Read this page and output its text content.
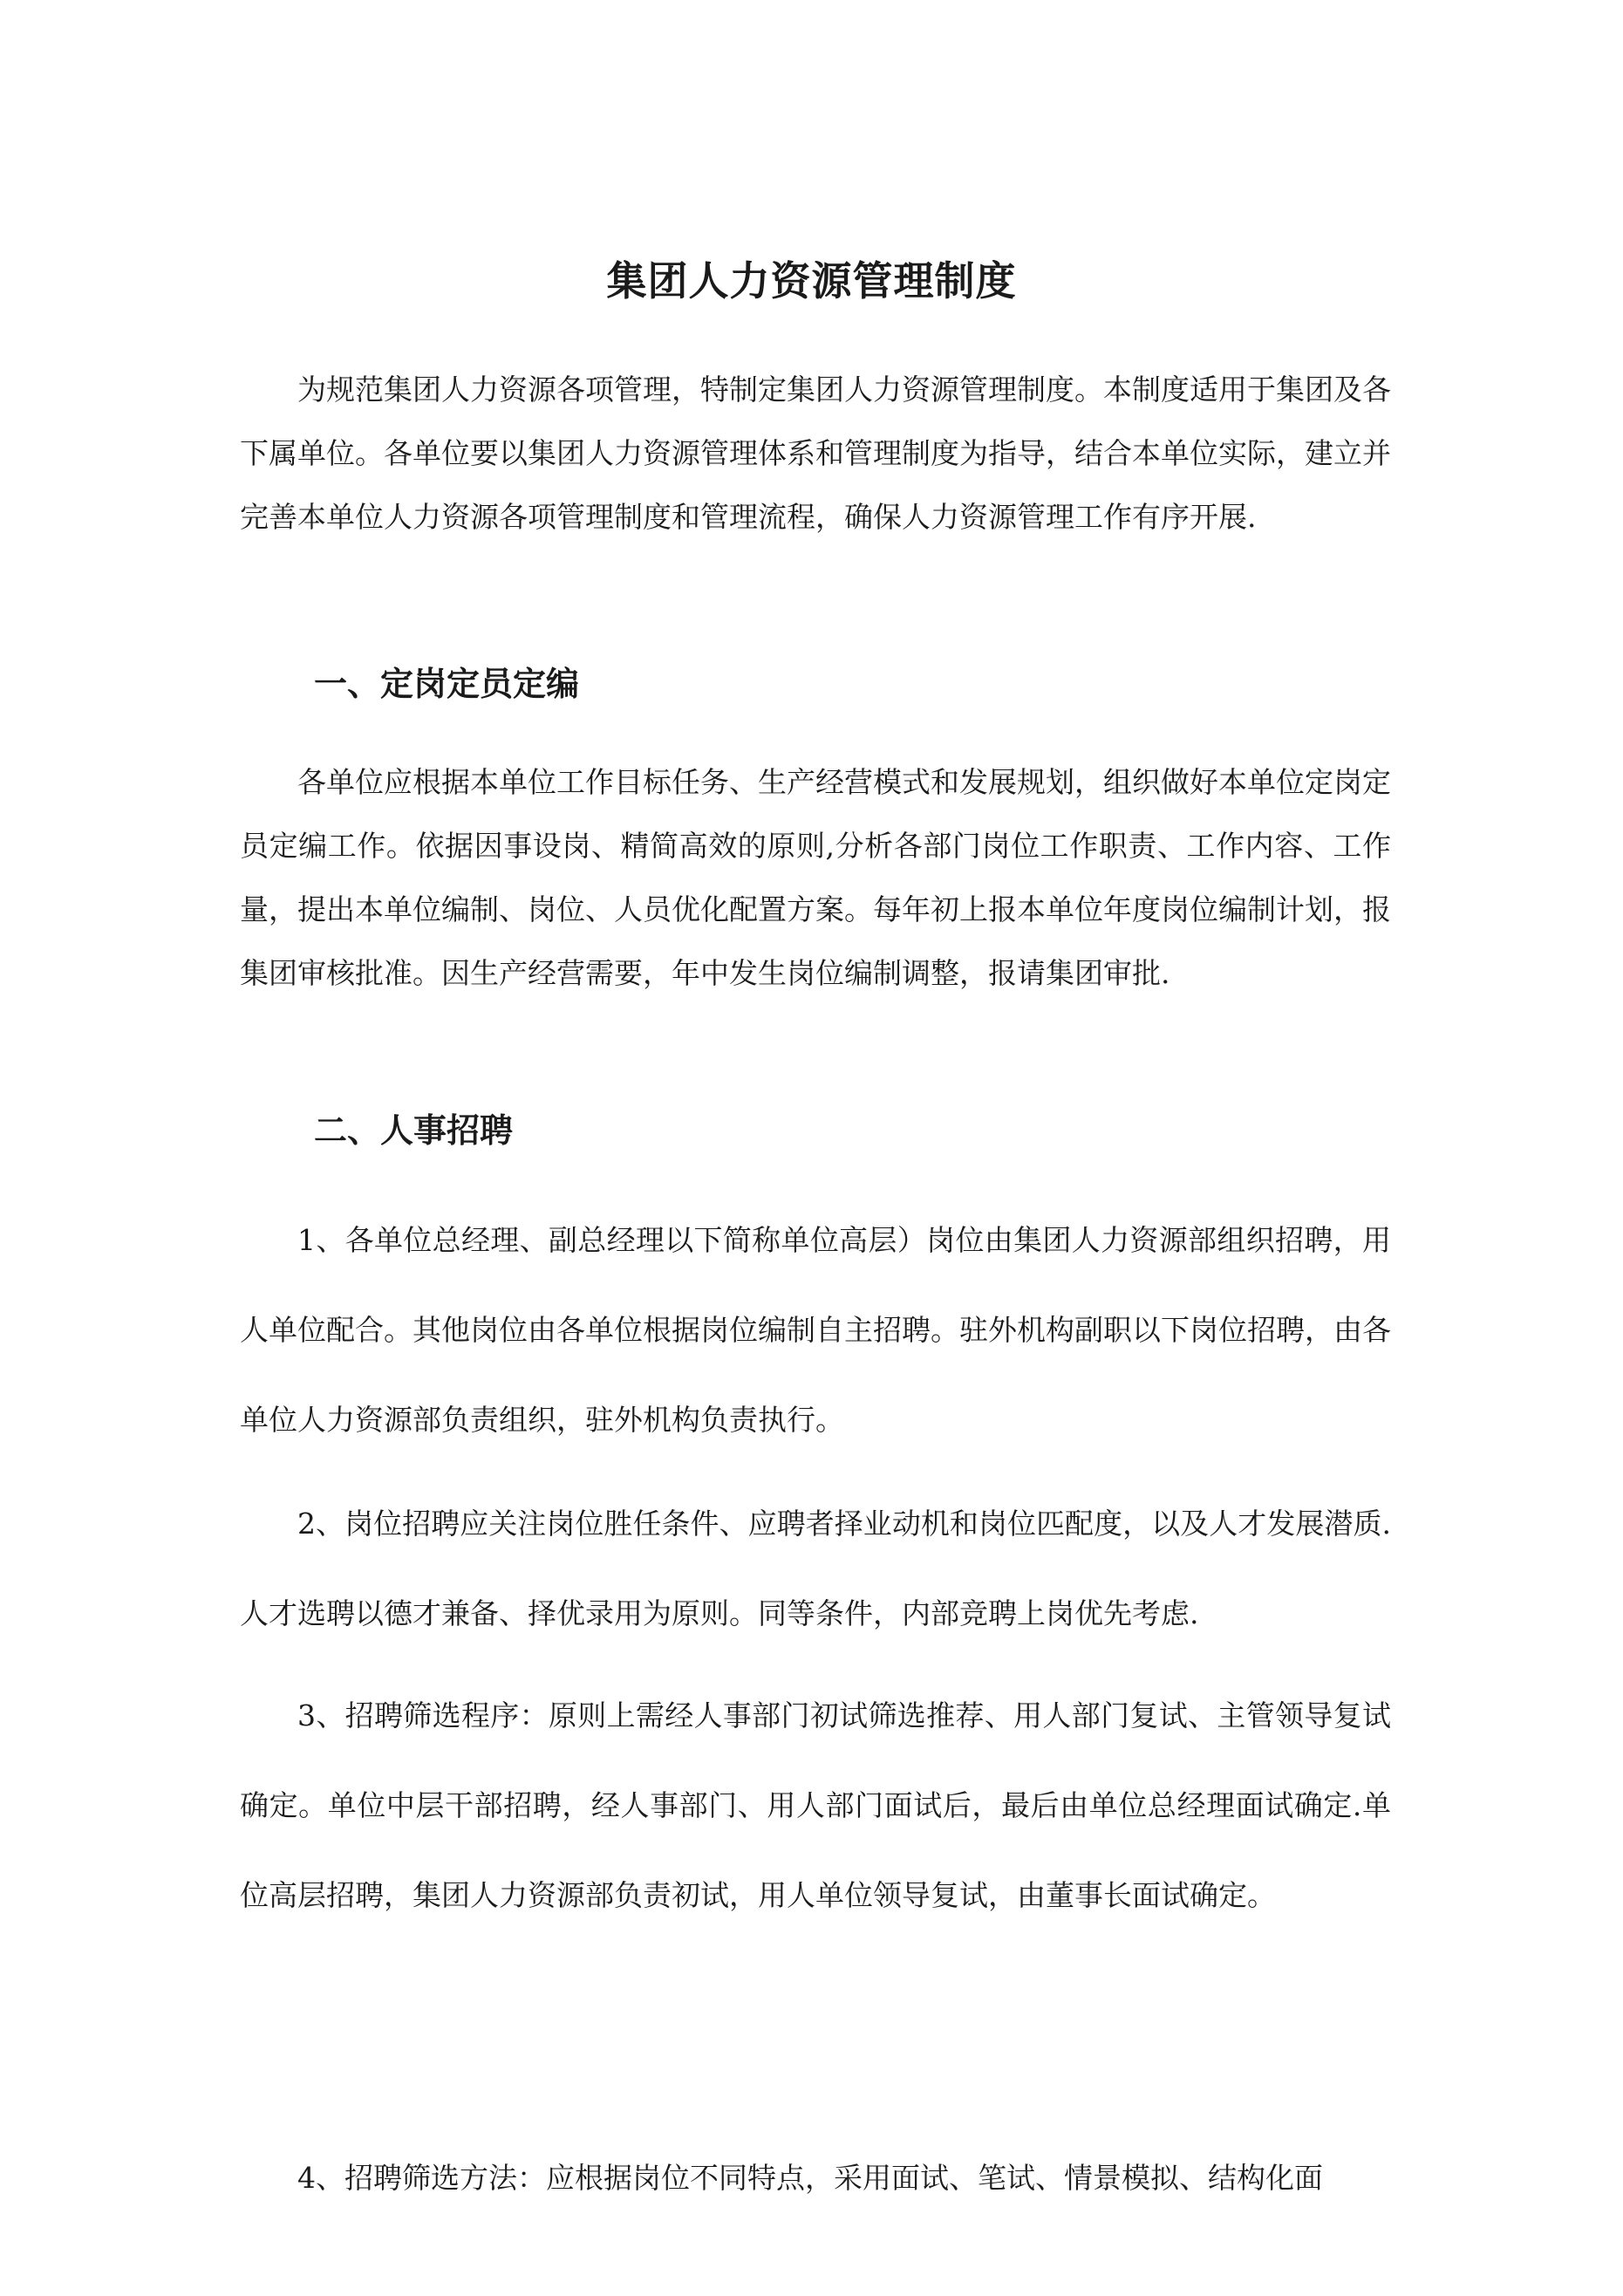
集团人力资源管理制度

为规范集团人力资源各项管理，特制定集团人力资源管理制度。本制度适用于集团及各下属单位。各单位要以集团人力资源管理体系和管理制度为指导，结合本单位实际，建立并完善本单位人力资源各项管理制度和管理流程，确保人力资源管理工作有序开展.

一、定岗定员定编

各单位应根据本单位工作目标任务、生产经营模式和发展规划，组织做好本单位定岗定员定编工作。依据因事设岗、精简高效的原则,分析各部门岗位工作职责、工作内容、工作量，提出本单位编制、岗位、人员优化配置方案。每年初上报本单位年度岗位编制计划，报集团审核批准。因生产经营需要，年中发生岗位编制调整，报请集团审批.

二、人事招聘

1、各单位总经理、副总经理以下简称单位高层）岗位由集团人力资源部组织招聘，用人单位配合。其他岗位由各单位根据岗位编制自主招聘。驻外机构副职以下岗位招聘，由各单位人力资源部负责组织，驻外机构负责执行。

2、岗位招聘应关注岗位胜任条件、应聘者择业动机和岗位匹配度，以及人才发展潜质.人才选聘以德才兼备、择优录用为原则。同等条件，内部竞聘上岗优先考虑.

3、招聘筛选程序：原则上需经人事部门初试筛选推荐、用人部门复试、主管领导复试确定。单位中层干部招聘，经人事部门、用人部门面试后，最后由单位总经理面试确定.单位高层招聘，集团人力资源部负责初试，用人单位领导复试，由董事长面试确定。

4、招聘筛选方法：应根据岗位不同特点，采用面试、笔试、情景模拟、结构化面
